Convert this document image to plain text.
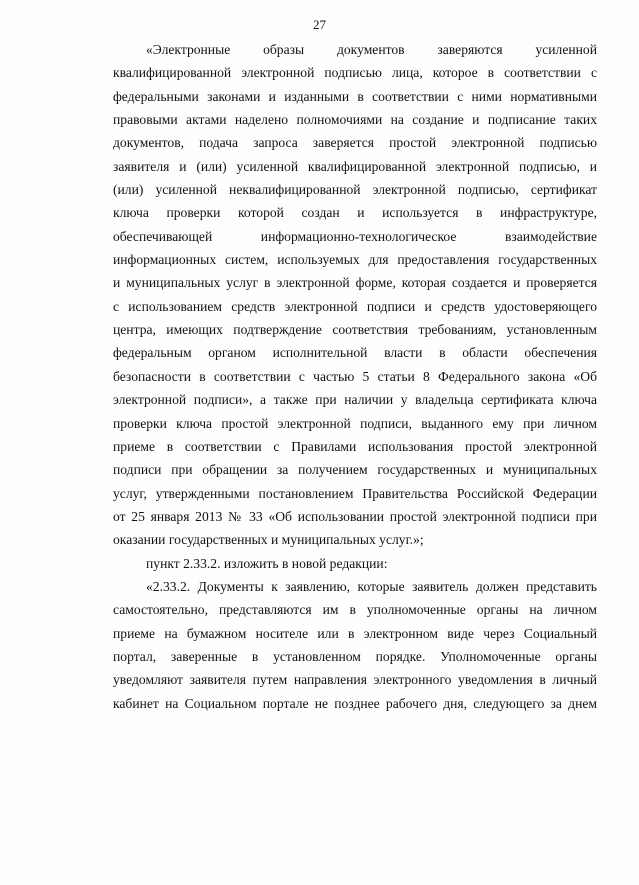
27
«Электронные образы документов заверяются усиленной
квалифицированной электронной подписью лица, которое в соответствии с
федеральными законами и изданными в соответствии с ними нормативными
правовыми актами наделено полномочиями на создание и подписание таких
документов, подача запроса заверяется простой электронной подписью
заявителя и (или) усиленной квалифицированной электронной подписью, и
(или) усиленной неквалифицированной электронной подписью, сертификат
ключа проверки которой создан и используется в инфраструктуре,
обеспечивающей информационно-технологическое взаимодействие
информационных систем, используемых для предоставления государственных
и муниципальных услуг в электронной форме, которая создается и проверяется
с использованием средств электронной подписи и средств удостоверяющего
центра, имеющих подтверждение соответствия требованиям, установленным
федеральным органом исполнительной власти в области обеспечения
безопасности в соответствии с частью 5 статьи 8 Федерального закона «Об
электронной подписи», а также при наличии у владельца сертификата ключа
проверки ключа простой электронной подписи, выданного ему при личном
приеме в соответствии с Правилами использования простой электронной
подписи при обращении за получением государственных и муниципальных
услуг, утвержденными постановлением Правительства Российской Федерации
от 25 января 2013 № 33 «Об использовании простой электронной подписи при
оказании государственных и муниципальных услуг.»;
пункт 2.33.2. изложить в новой редакции:
«2.33.2. Документы к заявлению, которые заявитель должен представить
самостоятельно, представляются им в уполномоченные органы на личном
приеме на бумажном носителе или в электронном виде через Социальный
портал, заверенные в установленном порядке. Уполномоченные органы
уведомляют заявителя путем направления электронного уведомления в личный
кабинет на Социальном портале не позднее рабочего дня, следующего за днем
